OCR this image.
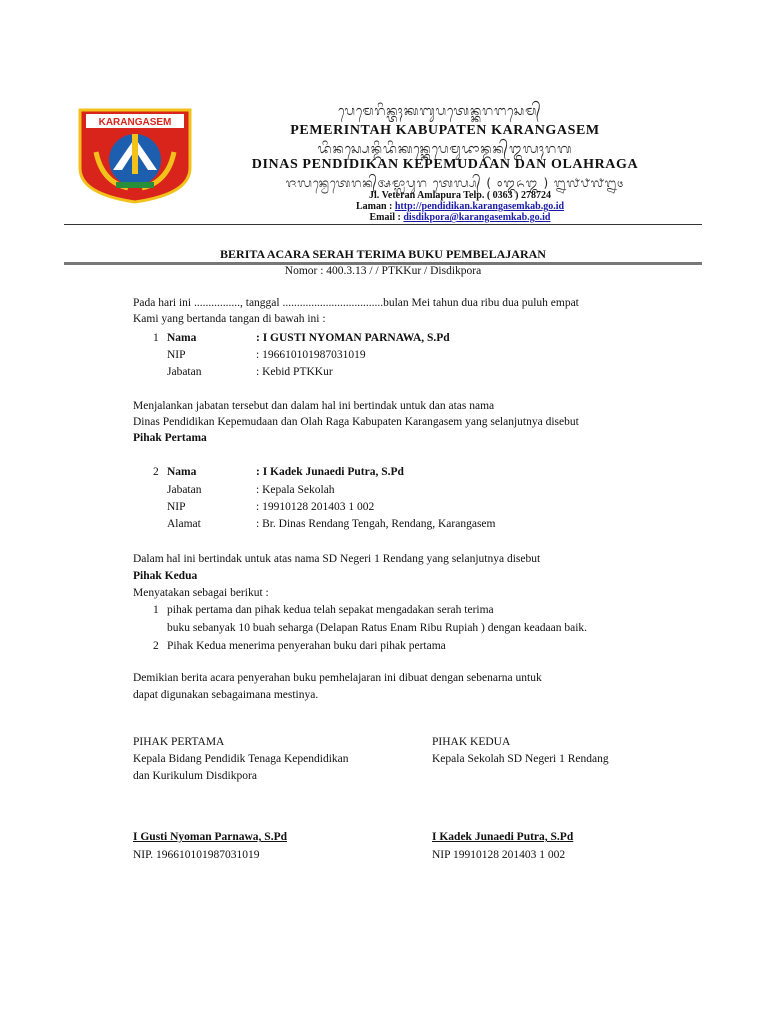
KARANGASEM
ᬧᬾᬫᬾᬭᬶᬦ᭄ᬢᬄᬓᬩᬸᬧᬢᬾᬦ᭄ᬓᬭᬗᬲᬾᬫ᭄
PEMERINTAH KABUPATEN KARANGASEM
ᬤᬶᬦᬲ᭄ᬧᬾᬦ᭄ᬤᬶᬤᬶᬓᬦ᭄ᬓᬾᬧᬾᬫᬸᬤᬵᬦ᭄ᬤᬦ᭄ᬑᬮᬄᬭᬕ
DINAS PENDIDIKAN KEPEMUDAAN DAN OLAHRAGA
ᬚᬮᬦ᭄ᬯᬾᬢᬾᬭᬦ᭄ᬅᬫ᭄ᬮᬵᬧᬸᬭ ᬢᬾᬮ᭄ᬧ᭄ ( ᭐᭓᭖᭓ ) ᭒᭗᭘᭗᭒᭔
Jl. Veteran Amlapura Telp. ( 0363 ) 278724
Laman : http://pendidikan.karangasemkab.go.id
Email : disdikpora@karangasemkab.go.id
BERITA ACARA SERAH TERIMA BUKU PEMBELAJARAN
Nomor : 400.3.13 / / PTKKur / Disdikpora
Pada hari ini ................, tanggal ...................................bulan Mei tahun dua ribu dua puluh empat
Kami yang bertanda tangan di bawah ini :
1 Nama	: I GUSTI NYOMAN PARNAWA, S.Pd
NIP	: 196610101987031019
Jabatan	: Kebid PTKKur
Menjalankan jabatan tersebut dan dalam hal ini bertindak untuk dan atas nama
Dinas Pendidikan Kepemudaan dan Olah Raga Kabupaten Karangasem yang selanjutnya disebut
Pihak Pertama
2 Nama	: I Kadek Junaedi Putra, S.Pd
Jabatan	: Kepala Sekolah
NIP	: 19910128 201403 1 002
Alamat	: Br. Dinas Rendang Tengah, Rendang, Karangasem
Dalam hal ini bertindak untuk atas nama SD Negeri 1 Rendang yang selanjutnya disebut
Pihak Kedua
Menyatakan sebagai berikut :
1 pihak pertama dan pihak kedua telah sepakat mengadakan serah terima
buku sebanyak 10 buah seharga (Delapan Ratus Enam Ribu Rupiah ) dengan keadaan baik.
2 Pihak Kedua menerima penyerahan buku dari pihak pertama
Demikian berita acara penyerahan buku pemhelajaran ini dibuat dengan sebenarna untuk
dapat digunakan sebagaimana mestinya.
PIHAK PERTAMA
Kepala Bidang Pendidik Tenaga Kependidikan
dan Kurikulum Disdikpora
I Gusti Nyoman Parnawa, S.Pd
NIP. 196610101987031019
PIHAK KEDUA
Kepala Sekolah SD Negeri 1 Rendang
I Kadek Junaedi Putra, S.Pd
NIP 19910128 201403 1 002
